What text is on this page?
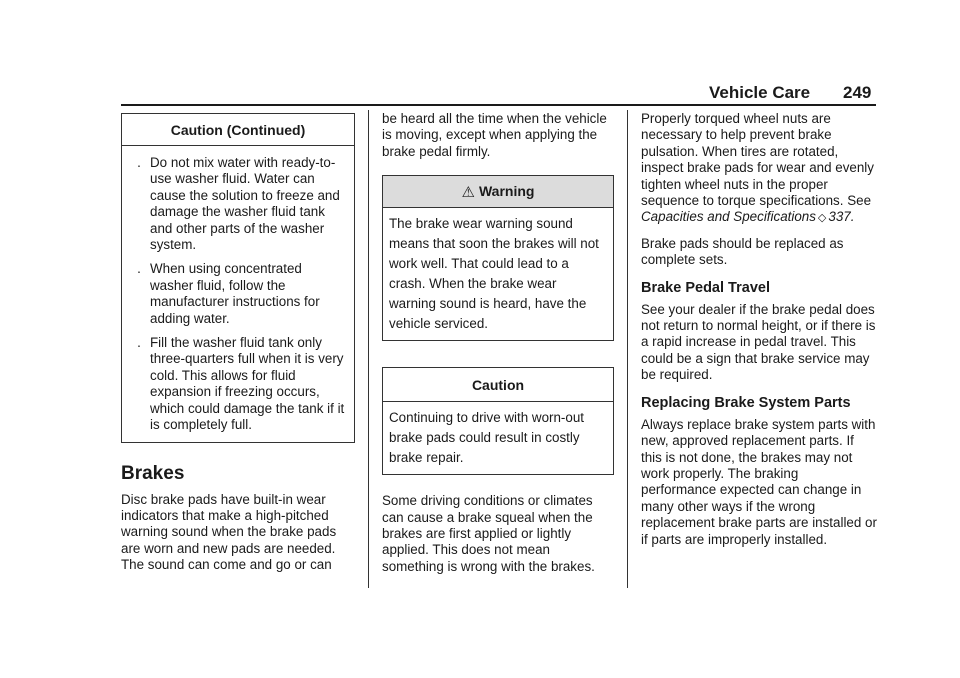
Vehicle Care 249
Caution (Continued)
. Do not mix water with ready-to-use washer fluid. Water can cause the solution to freeze and damage the washer fluid tank and other parts of the washer system.
. When using concentrated washer fluid, follow the manufacturer instructions for adding water.
. Fill the washer fluid tank only three-quarters full when it is very cold. This allows for fluid expansion if freezing occurs, which could damage the tank if it is completely full.
Brakes

Disc brake pads have built-in wear indicators that make a high-pitched warning sound when the brake pads are worn and new pads are needed. The sound can come and go or can

be heard all the time when the vehicle is moving, except when applying the brake pedal firmly.

⚠︎ Warning

The brake wear warning sound means that soon the brakes will not work well. That could lead to a crash. When the brake wear warning sound is heard, have the vehicle serviced.

Caution

Continuing to drive with worn-out brake pads could result in costly brake repair.

Some driving conditions or climates can cause a brake squeal when the brakes are first applied or lightly applied. This does not mean something is wrong with the brakes.

Properly torqued wheel nuts are necessary to help prevent brake pulsation. When tires are rotated, inspect brake pads for wear and evenly tighten wheel nuts in the proper sequence to torque specifications. See Capacities and Specifications ◇ 337.

Brake pads should be replaced as complete sets.

Brake Pedal Travel

See your dealer if the brake pedal does not return to normal height, or if there is a rapid increase in pedal travel. This could be a sign that brake service may be required.

Replacing Brake System Parts

Always replace brake system parts with new, approved replacement parts. If this is not done, the brakes may not work properly. The braking performance expected can change in many other ways if the wrong replacement brake parts are installed or if parts are improperly installed.
